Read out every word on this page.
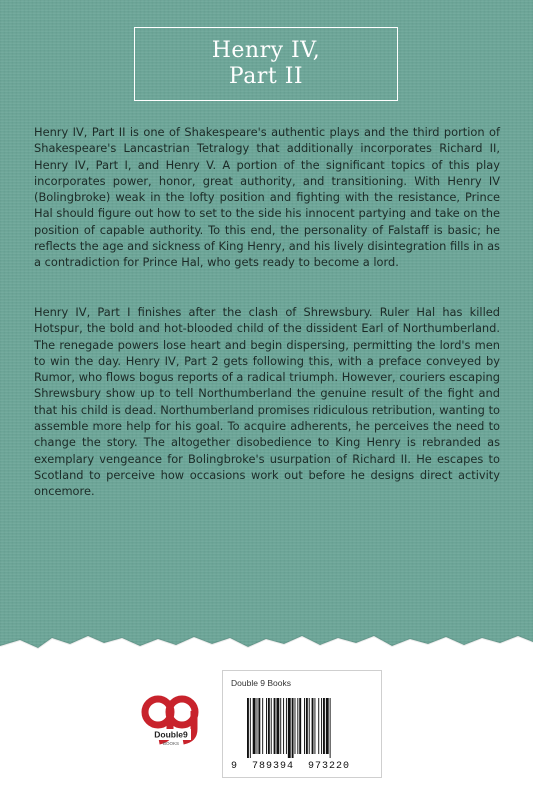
Henry IV,
Part II

Henry IV, Part II is one of Shakespeare's authentic plays and the third portion of Shakespeare's Lancastrian Tetralogy that additionally incorporates Richard II, Henry IV, Part I, and Henry V. A portion of the significant topics of this play incorporates power, honor, great authority, and transitioning. With Henry IV (Bolingbroke) weak in the lofty position and fighting with the resistance, Prince Hal should figure out how to set to the side his innocent partying and take on the position of capable authority. To this end, the personality of Falstaff is basic; he reflects the age and sickness of King Henry, and his lively disintegration fills in as a contradiction for Prince Hal, who gets ready to become a lord.

Henry IV, Part I finishes after the clash of Shrewsbury. Ruler Hal has killed Hotspur, the bold and hot-blooded child of the dissident Earl of Northumberland. The renegade powers lose heart and begin dispersing, permitting the lord's men to win the day. Henry IV, Part 2 gets following this, with a preface conveyed by Rumor, who flows bogus reports of a radical triumph. However, couriers escaping Shrewsbury show up to tell Northumberland the genuine result of the fight and that his child is dead. Northumberland promises ridiculous retribution, wanting to assemble more help for his goal. To acquire adherents, he perceives the need to change the story. The altogether disobedience to King Henry is rebranded as exemplary vengeance for Bolingbroke's usurpation of Richard II. He escapes to Scotland to perceive how occasions work out before he designs direct activity oncemore.

Double9
BOOKS
Double 9 Books
9  789394  973220
